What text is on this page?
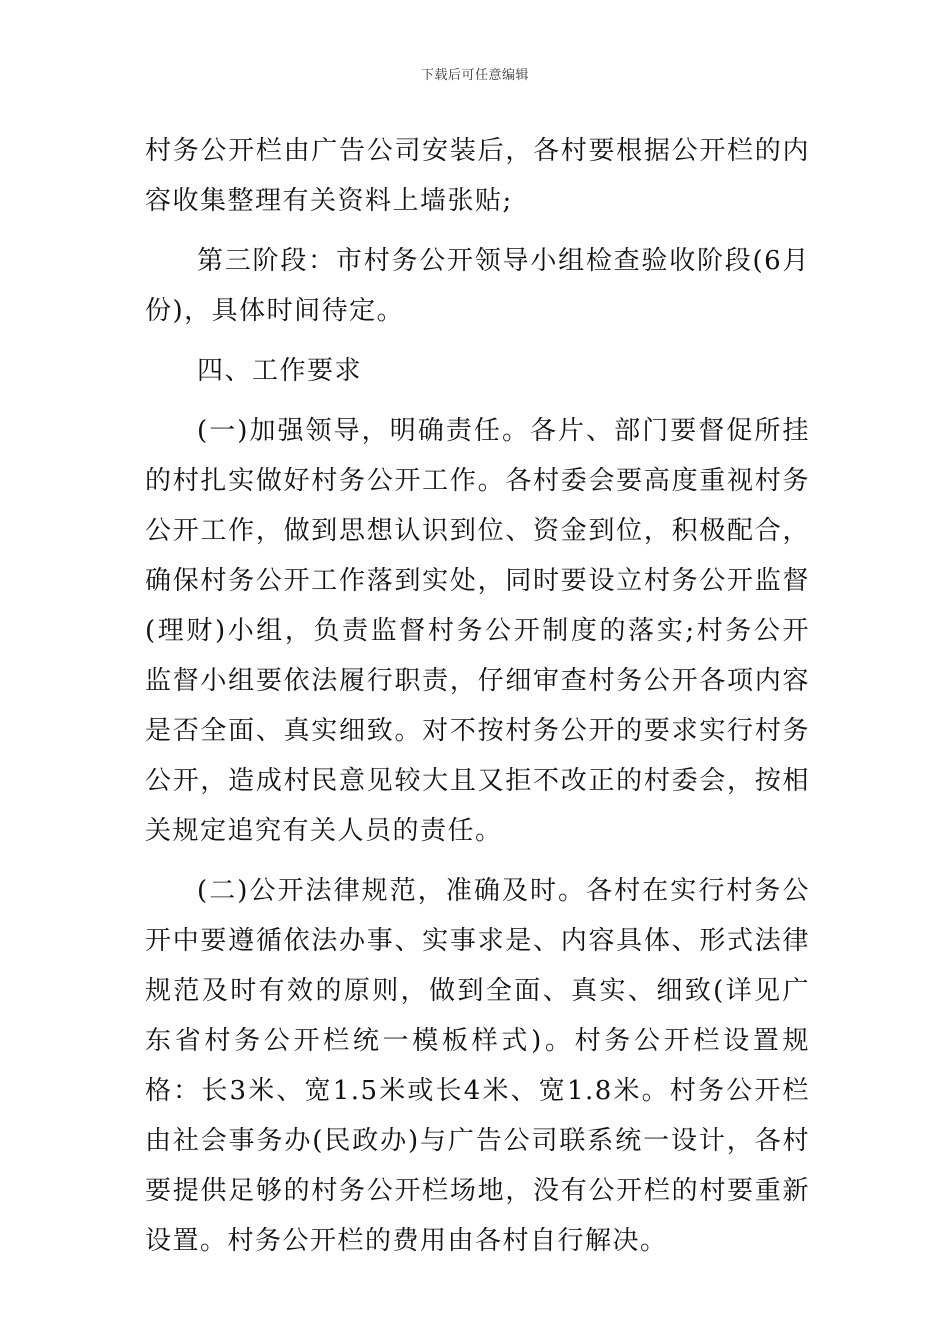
下载后可任意编辑

村务公开栏由广告公司安装后，各村要根据公开栏的内容收集整理有关资料上墙张贴;

第三阶段：市村务公开领导小组检查验收阶段(6月份)，具体时间待定。

四、工作要求

(一)加强领导，明确责任。各片、部门要督促所挂的村扎实做好村务公开工作。各村委会要高度重视村务公开工作，做到思想认识到位、资金到位，积极配合，确保村务公开工作落到实处，同时要设立村务公开监督(理财)小组，负责监督村务公开制度的落实;村务公开监督小组要依法履行职责，仔细审查村务公开各项内容是否全面、真实细致。对不按村务公开的要求实行村务公开，造成村民意见较大且又拒不改正的村委会，按相关规定追究有关人员的责任。

(二)公开法律规范，准确及时。各村在实行村务公开中要遵循依法办事、实事求是、内容具体、形式法律规范及时有效的原则，做到全面、真实、细致(详见广东省村务公开栏统一模板样式)。村务公开栏设置规格：长3米、宽1.5米或长4米、宽1.8米。村务公开栏由社会事务办(民政办)与广告公司联系统一设计，各村要提供足够的村务公开栏场地，没有公开栏的村要重新设置。村务公开栏的费用由各村自行解决。
